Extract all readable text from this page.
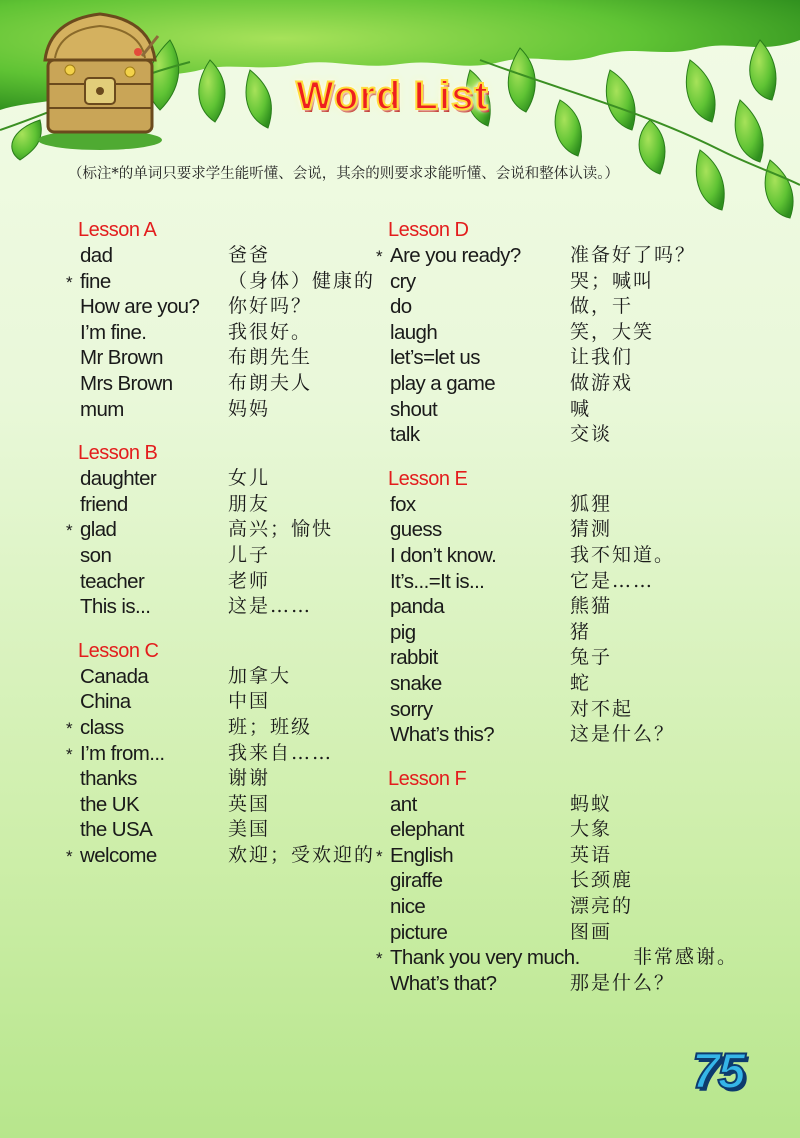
Word List

（标注*的单词只要求学生能听懂、会说，其余的则要求求能听懂、会说和整体认读。）

Lesson A
dad	爸爸
* fine	（身体）健康的
How are you? 你好吗？
I’m fine.	我很好。
Mr Brown	布朗先生
Mrs Brown	布朗夫人
mum	妈妈
Lesson B
daughter	女儿
friend	朋友
* glad	高兴；愉快
son	儿子
teacher	老师
This is...	这是……
Lesson C
Canada	加拿大
China	中国
* class	班；班级
* I’m from...	我来自……
thanks	谢谢
the UK	英国
the USA	美国
* welcome	欢迎；受欢迎的
Lesson D
* Are you ready?	准备好了吗？
cry	哭；喊叫
do	做，干
laugh	笑，大笑
let’s=let us	让我们
play a game	做游戏
shout	喊
talk	交谈
Lesson E
fox	狐狸
guess	猜测
I don’t know.	我不知道。
It’s...=It is...	它是……
panda	熊猫
pig	猪
rabbit	兔子
snake	蛇
sorry	对不起
What’s this?	这是什么？
Lesson F
ant	蚂蚁
elephant	大象
* English	英语
giraffe	长颈鹿
nice	漂亮的
picture	图画
* Thank you very much.	非常感谢。
What’s that?	那是什么？

75
